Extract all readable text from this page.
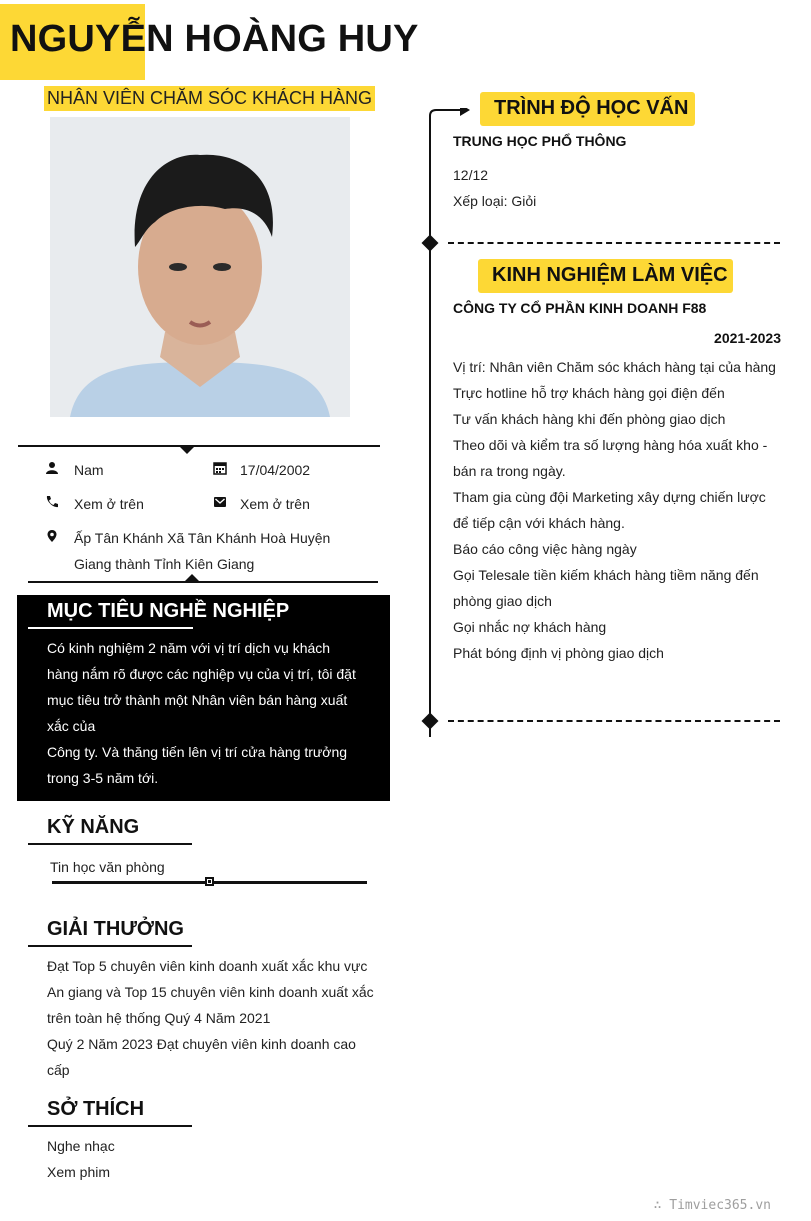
NGUYỄN HOÀNG HUY
NHÂN VIÊN CHĂM SÓC KHÁCH HÀNG
Nam	17/04/2002
Xem ở trên	Xem ở trên
Ấp Tân Khánh Xã Tân Khánh Hoà Huyện
Giang thành Tỉnh Kiên Giang
MỤC TIÊU NGHỀ NGHIỆP
Có kinh nghiệm 2 năm với vị trí dịch vụ khách
hàng nắm rõ được các nghiệp vụ của vị trí, tôi đặt
mục tiêu trở thành một Nhân viên bán hàng xuất
xắc của
Công ty. Và thăng tiến lên vị trí cửa hàng trưởng
trong 3-5 năm tới.
KỸ NĂNG
Tin học văn phòng
GIẢI THƯỞNG
Đạt Top 5 chuyên viên kinh doanh xuất xắc khu vực
An giang và Top 15 chuyên viên kinh doanh xuất xắc
trên toàn hệ thống Quý 4 Năm 2021
Quý 2 Năm 2023 Đạt chuyên viên kinh doanh cao
cấp
SỞ THÍCH
Nghe nhạc
Xem phim
TRÌNH ĐỘ HỌC VẤN
TRUNG HỌC PHỔ THÔNG
12/12
Xếp loại: Giỏi
KINH NGHIỆM LÀM VIỆC
CÔNG TY CỔ PHẦN KINH DOANH F88
2021-2023
Vị trí: Nhân viên Chăm sóc khách hàng tại của hàng
Trực hotline hỗ trợ khách hàng gọi điện đến
Tư vấn khách hàng khi đến phòng giao dịch
Theo dõi và kiểm tra số lượng hàng hóa xuất kho -
bán ra trong ngày.
Tham gia cùng đội Marketing xây dựng chiến lược
để tiếp cận với khách hàng.
Báo cáo công việc hàng ngày
Gọi Telesale tiền kiếm khách hàng tiềm năng đến
phòng giao dịch
Gọi nhắc nợ khách hàng
Phát bóng định vị phòng giao dịch
∴ Timviec365.vn
